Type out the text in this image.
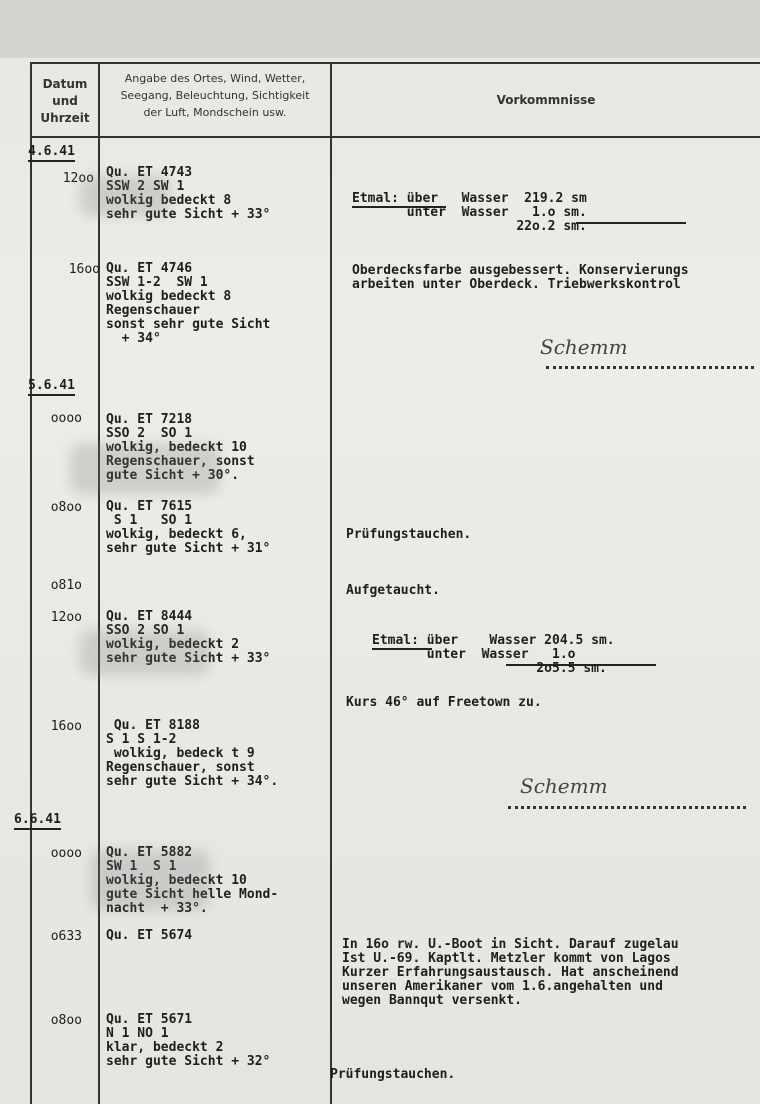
Datum
und
Uhrzeit
Angabe des Ortes, Wind, Wetter,
Seegang, Beleuchtung, Sichtigkeit
der Luft, Mondschein usw.
Vorkommnisse
4.6.41
5.6.41
6.6.41
12oo
16oo
oooo
o8oo
o81o
12oo
16oo
oooo
o633
o8oo
Qu. ET 4743
SSW 2 SW 1
wolkig bedeckt 8
sehr gute Sicht + 33°
Qu. ET 4746
SSW 1-2  SW 1
wolkig bedeckt 8
Regenschauer
sonst sehr gute Sicht
+ 34°
Qu. ET 7218
SSO 2  SO 1
wolkig, bedeckt 10
Regenschauer, sonst
gute Sicht + 30°.
Qu. ET 7615
S 1   SO 1
wolkig, bedeckt 6,
sehr gute Sicht + 31°
Qu. ET 8444
SSO 2 SO 1
wolkig, bedeckt 2
sehr gute Sicht + 33°
Qu. ET 8188
S 1 S 1-2
wolkig, bedeck t 9
Regenschauer, sonst
sehr gute Sicht + 34°.
Qu. ET 5882
SW 1  S 1
wolkig, bedeckt 10
gute Sicht helle Mond-
nacht  + 33°.
Qu. ET 5674
Qu. ET 5671
N 1 NO 1
klar, bedeckt 2
sehr gute Sicht + 32°
Etmal: über   Wasser  219.2 sm
unter  Wasser   1.o sm.
22o.2 sm.
Oberdecksfarbe ausgebessert. Konservierungs
arbeiten unter Oberdeck. Triebwerkskontrol
Schemm
Prüfungstauchen.
Aufgetaucht.
Etmal: über    Wasser 204.5 sm.
unter  Wasser   1.o
2o5.5 sm.
Kurs 46° auf Freetown zu.
Schemm
In 16o rw. U.-Boot in Sicht. Darauf zugelau
Ist U.-69. Kaptlt. Metzler kommt von Lagos
Kurzer Erfahrungsaustausch. Hat anscheinend
unseren Amerikaner vom 1.6.angehalten und
wegen Bannqut versenkt.
Prüfungstauchen.
